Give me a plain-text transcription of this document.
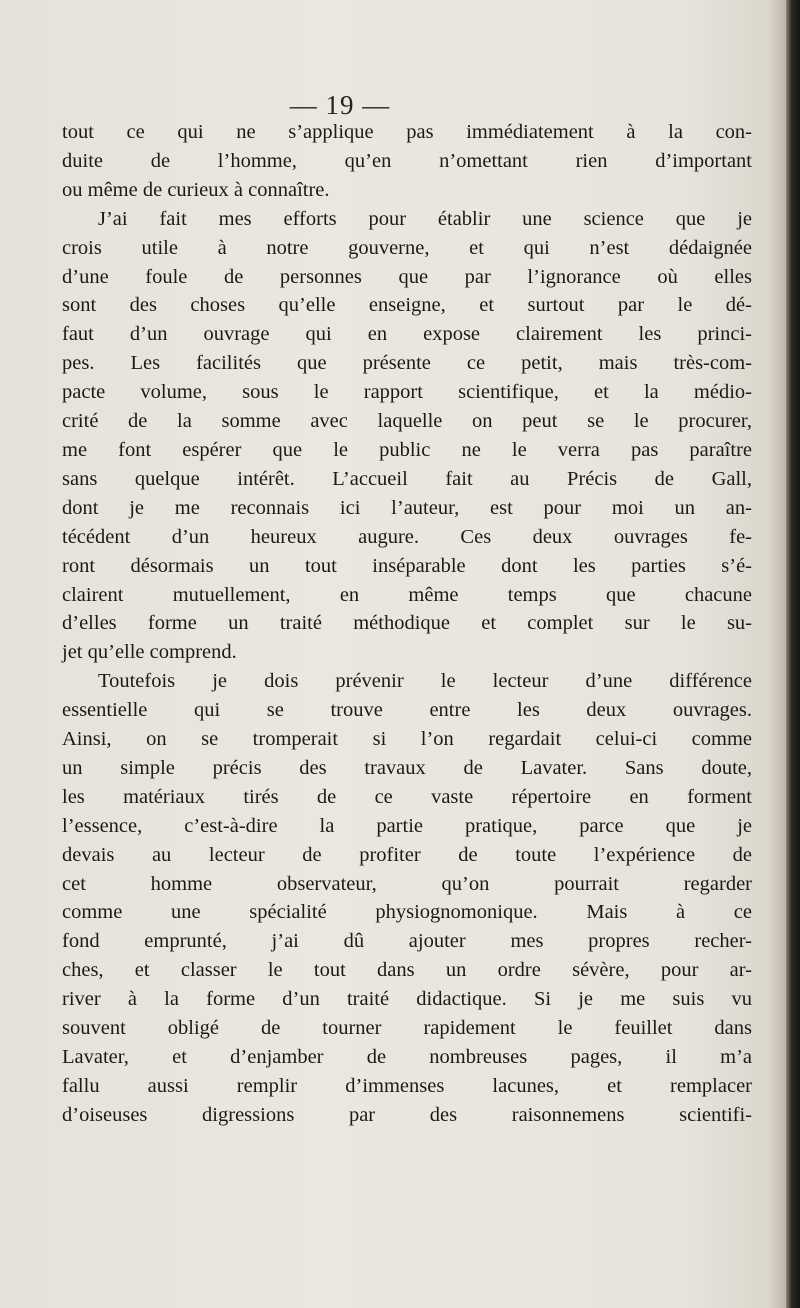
— 19 —
tout ce qui ne s’applique pas immédiatement à la con-
duite de l’homme, qu’en n’omettant rien d’important
ou même de curieux à connaître.
J’ai fait mes efforts pour établir une science que je
crois utile à notre gouverne, et qui n’est dédaignée
d’une foule de personnes que par l’ignorance où elles
sont des choses qu’elle enseigne, et surtout par le dé-
faut d’un ouvrage qui en expose clairement les princi-
pes. Les facilités que présente ce petit, mais très-com-
pacte volume, sous le rapport scientifique, et la médio-
crité de la somme avec laquelle on peut se le procurer,
me font espérer que le public ne le verra pas paraître
sans quelque intérêt. L’accueil fait au Précis de Gall,
dont je me reconnais ici l’auteur, est pour moi un an-
técédent d’un heureux augure. Ces deux ouvrages fe-
ront désormais un tout inséparable dont les parties s’é-
clairent mutuellement, en même temps que chacune
d’elles forme un traité méthodique et complet sur le su-
jet qu’elle comprend.
Toutefois je dois prévenir le lecteur d’une différence
essentielle qui se trouve entre les deux ouvrages.
Ainsi, on se tromperait si l’on regardait celui-ci comme
un simple précis des travaux de Lavater. Sans doute,
les matériaux tirés de ce vaste répertoire en forment
l’essence, c’est-à-dire la partie pratique, parce que je
devais au lecteur de profiter de toute l’expérience de
cet homme observateur, qu’on pourrait regarder
comme une spécialité physiognomonique. Mais à ce
fond emprunté, j’ai dû ajouter mes propres recher-
ches, et classer le tout dans un ordre sévère, pour ar-
river à la forme d’un traité didactique. Si je me suis vu
souvent obligé de tourner rapidement le feuillet dans
Lavater, et d’enjamber de nombreuses pages, il m’a
fallu aussi remplir d’immenses lacunes, et remplacer
d’oiseuses digressions par des raisonnemens scientifi-
